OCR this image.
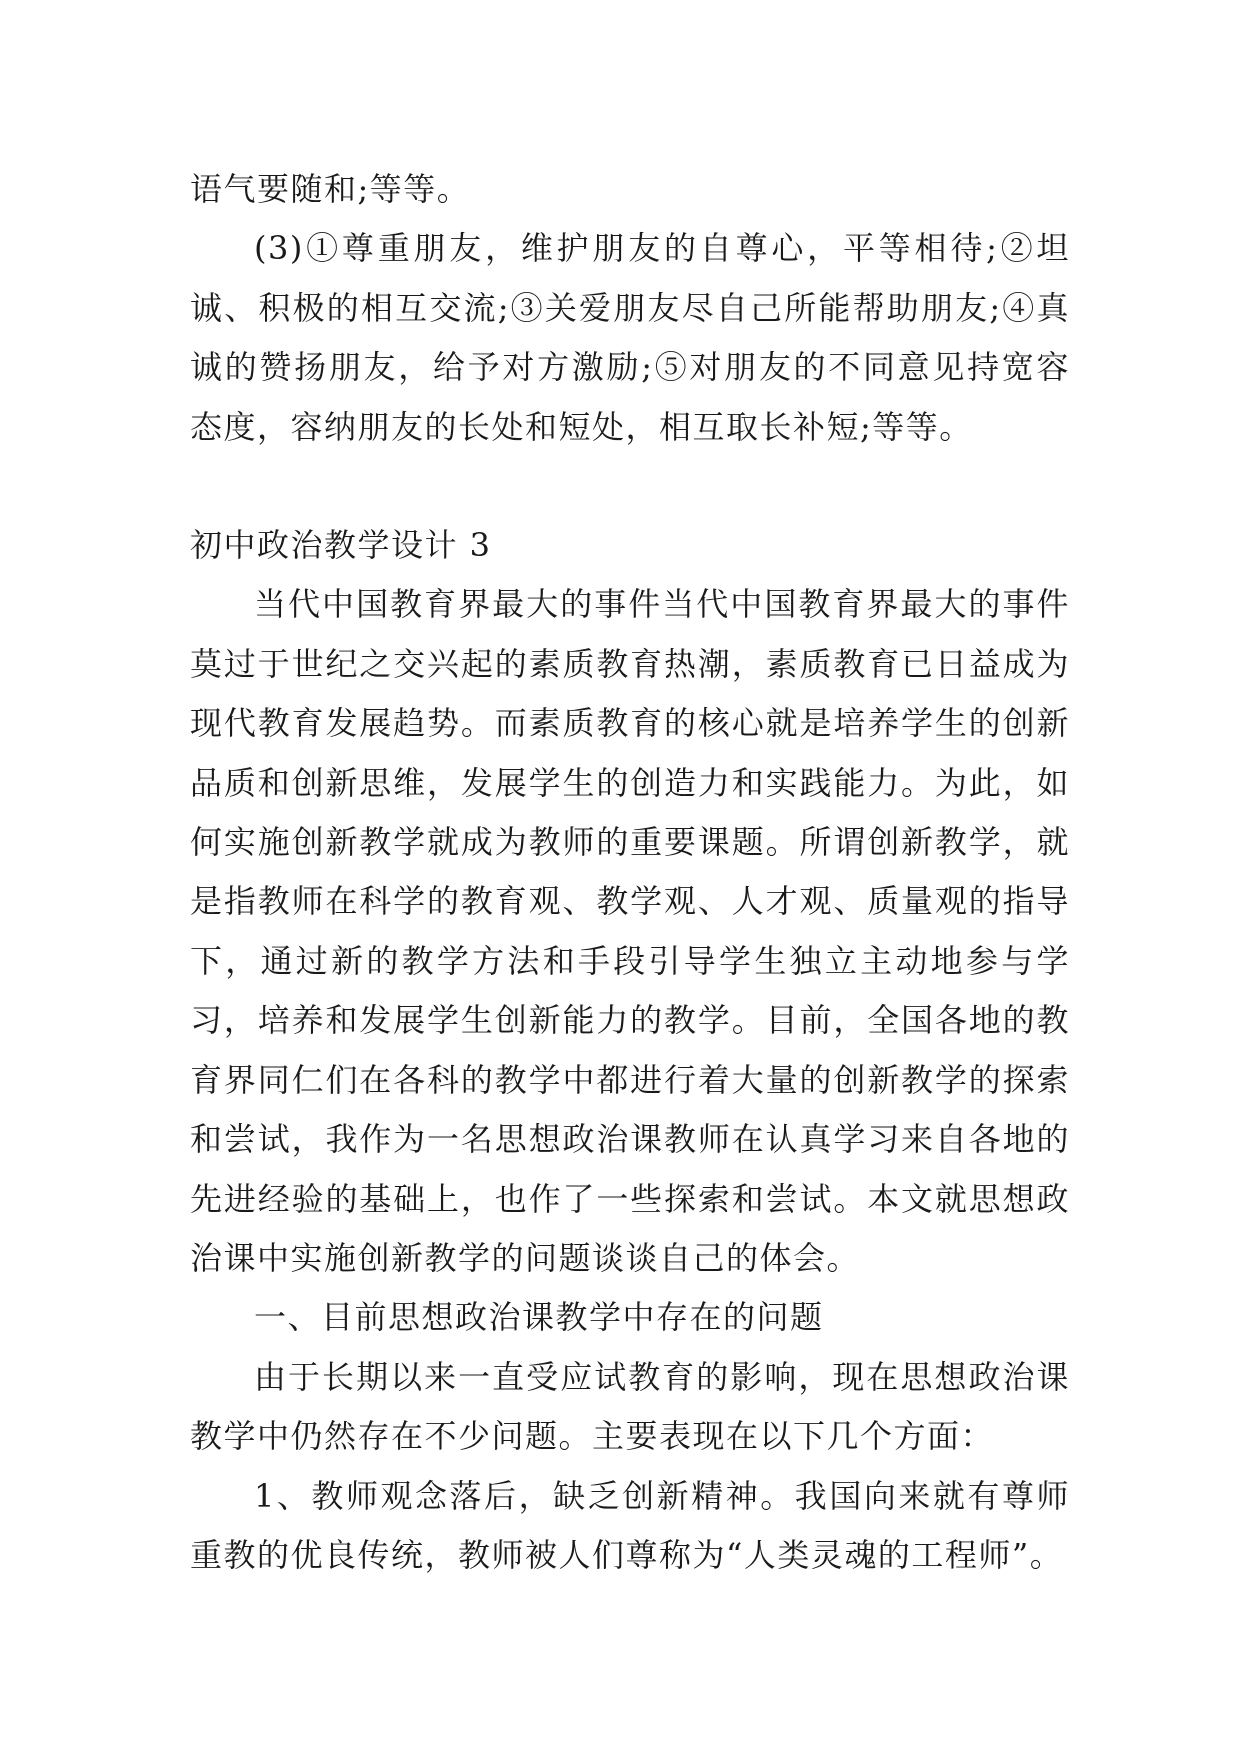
语气要随和;等等。

(3)①尊重朋友，维护朋友的自尊心，平等相待;②坦诚、积极的相互交流;③关爱朋友尽自己所能帮助朋友;④真诚的赞扬朋友，给予对方激励;⑤对朋友的不同意见持宽容态度，容纳朋友的长处和短处，相互取长补短;等等。

初中政治教学设计 3

当代中国教育界最大的事件当代中国教育界最大的事件莫过于世纪之交兴起的素质教育热潮，素质教育已日益成为现代教育发展趋势。而素质教育的核心就是培养学生的创新品质和创新思维，发展学生的创造力和实践能力。为此，如何实施创新教学就成为教师的重要课题。所谓创新教学，就是指教师在科学的教育观、教学观、人才观、质量观的指导下，通过新的教学方法和手段引导学生独立主动地参与学习，培养和发展学生创新能力的教学。目前，全国各地的教育界同仁们在各科的教学中都进行着大量的创新教学的探索和尝试，我作为一名思想政治课教师在认真学习来自各地的先进经验的基础上，也作了一些探索和尝试。本文就思想政治课中实施创新教学的问题谈谈自己的体会。

一、目前思想政治课教学中存在的问题

由于长期以来一直受应试教育的影响，现在思想政治课教学中仍然存在不少问题。主要表现在以下几个方面：

1、教师观念落后，缺乏创新精神。我国向来就有尊师重教的优良传统，教师被人们尊称为“人类灵魂的工程师”。
